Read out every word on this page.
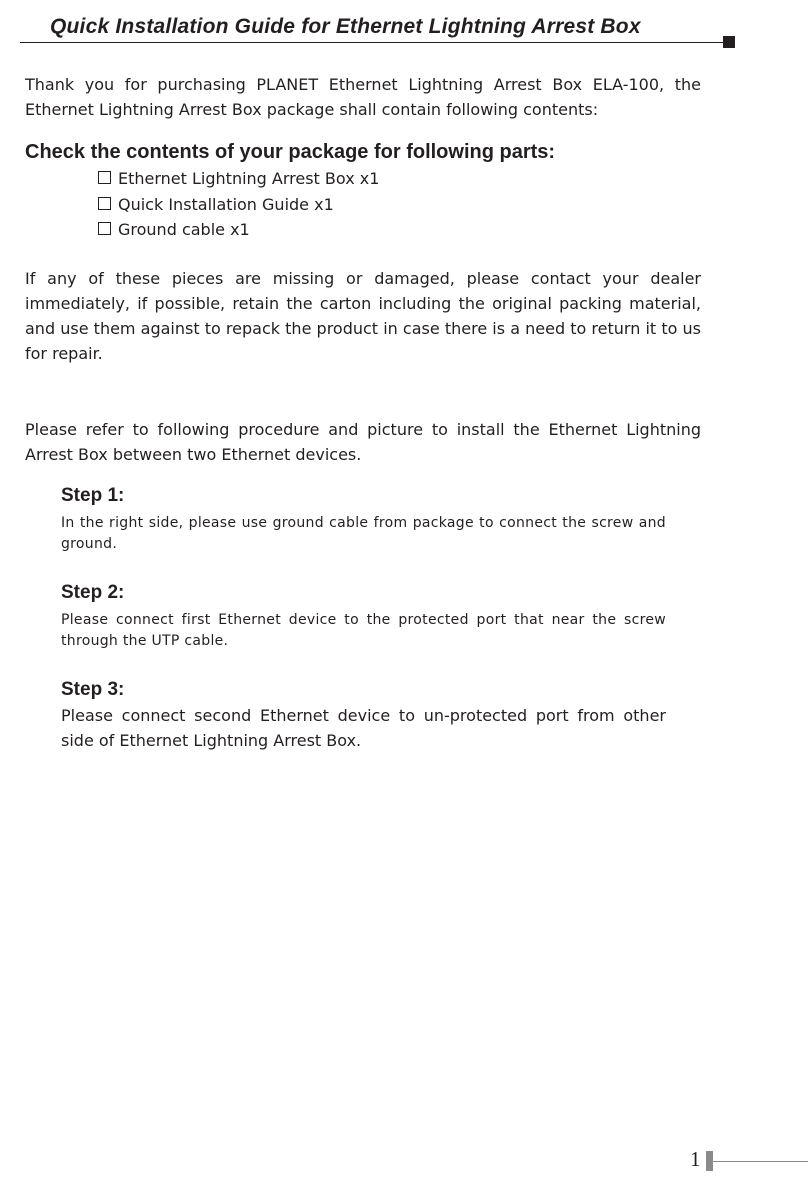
Quick Installation Guide for Ethernet Lightning Arrest Box

Thank you for purchasing PLANET Ethernet Lightning Arrest Box ELA-100, the Ethernet Lightning Arrest Box package shall contain following contents:

Check the contents of your package for following parts:
Ethernet Lightning Arrest Box x1
Quick Installation Guide x1
Ground cable x1

If any of these pieces are missing or damaged, please contact your dealer immediately, if possible, retain the carton including the original packing material, and use them against to repack the product in case there is a need to return it to us for repair.

Please refer to following procedure and picture to install the Ethernet Lightning Arrest Box between two Ethernet devices.

Step 1:

In the right side, please use ground cable from package to connect the screw and ground.

Step 2:

Please connect first Ethernet device to the protected port that near the screw through the UTP cable.

Step 3:

Please connect second Ethernet device to un-protected port from other side of Ethernet Lightning Arrest Box.

1
